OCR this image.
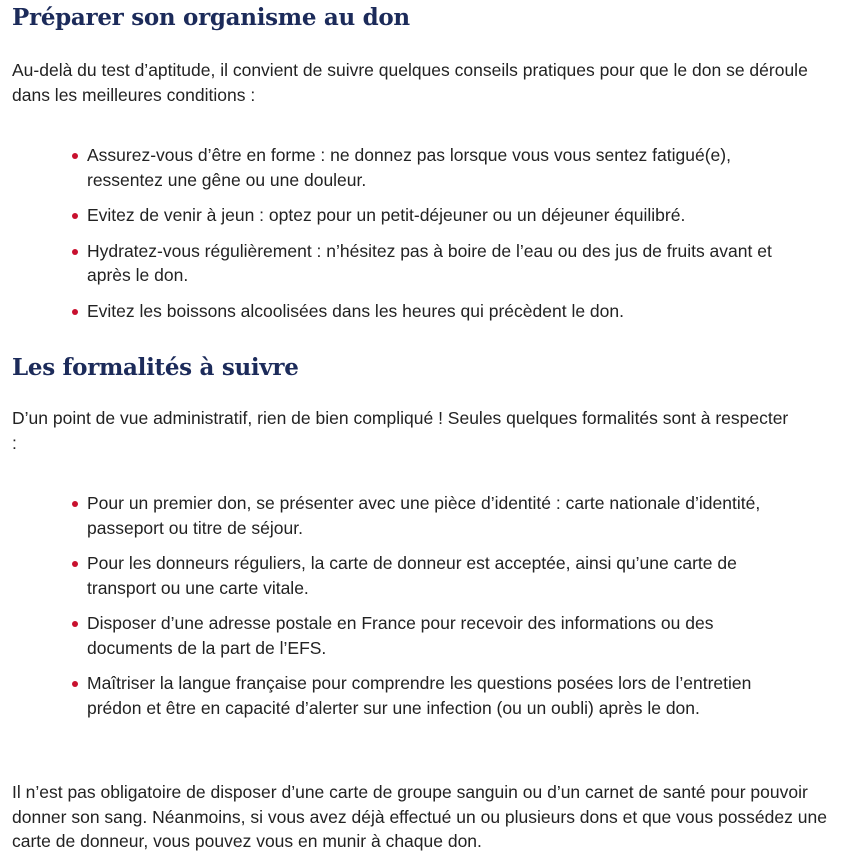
Préparer son organisme au don

Au-delà du test d’aptitude, il convient de suivre quelques conseils pratiques pour que le don se déroule dans les meilleures conditions :

Assurez-vous d’être en forme : ne donnez pas lorsque vous vous sentez fatigué(e), ressentez une gêne ou une douleur.
Evitez de venir à jeun : optez pour un petit-déjeuner ou un déjeuner équilibré.
Hydratez-vous régulièrement : n’hésitez pas à boire de l’eau ou des jus de fruits avant et après le don.
Evitez les boissons alcoolisées dans les heures qui précèdent le don.
Les formalités à suivre

D’un point de vue administratif, rien de bien compliqué ! Seules quelques formalités sont à respecter :

Pour un premier don, se présenter avec une pièce d’identité : carte nationale d’identité, passeport ou titre de séjour.
Pour les donneurs réguliers, la carte de donneur est acceptée, ainsi qu’une carte de transport ou une carte vitale.
Disposer d’une adresse postale en France pour recevoir des informations ou des documents de la part de l’EFS.
Maîtriser la langue française pour comprendre les questions posées lors de l’entretien prédon et être en capacité d’alerter sur une infection (ou un oubli) après le don.

Il n’est pas obligatoire de disposer d’une carte de groupe sanguin ou d’un carnet de santé pour pouvoir donner son sang. Néanmoins, si vous avez déjà effectué un ou plusieurs dons et que vous possédez une carte de donneur, vous pouvez vous en munir à chaque don.
